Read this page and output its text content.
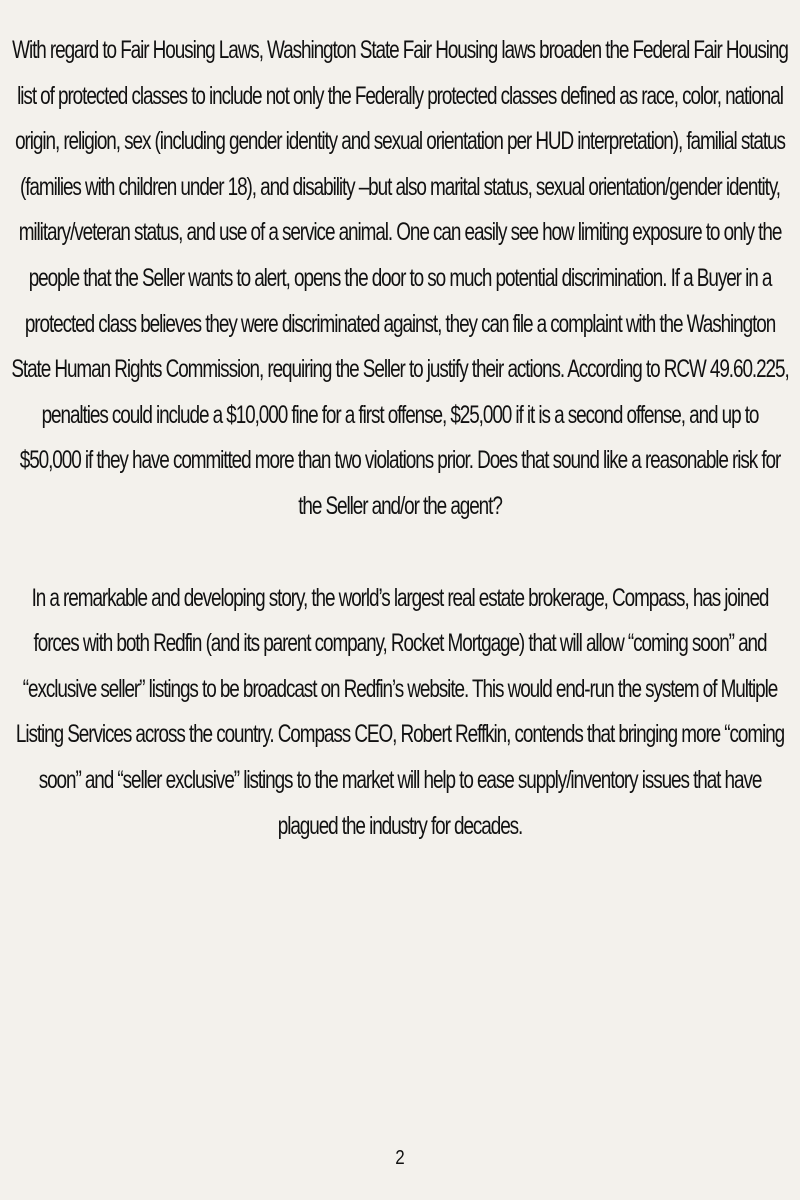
With regard to Fair Housing Laws, Washington State Fair Housing laws broaden the Federal Fair Housing list of protected classes to include not only the Federally protected classes defined as race, color, national origin, religion, sex (including gender identity and sexual orientation per HUD interpretation), familial status (families with children under 18), and disability –but also marital status, sexual orientation/gender identity, military/veteran status, and use of a service animal. One can easily see how limiting exposure to only the people that the Seller wants to alert, opens the door to so much potential discrimination. If a Buyer in a protected class believes they were discriminated against, they can file a complaint with the Washington State Human Rights Commission, requiring the Seller to justify their actions. According to RCW 49.60.225, penalties could include a $10,000 fine for a first offense, $25,000 if it is a second offense, and up to $50,000 if they have committed more than two violations prior. Does that sound like a reasonable risk for the Seller and/or the agent?

In a remarkable and developing story, the world’s largest real estate brokerage, Compass, has joined forces with both Redfin (and its parent company, Rocket Mortgage) that will allow “coming soon” and “exclusive seller” listings to be broadcast on Redfin’s website. This would end-run the system of Multiple Listing Services across the country. Compass CEO, Robert Reffkin, contends that bringing more “coming soon” and “seller exclusive” listings to the market will help to ease supply/inventory issues that have plagued the industry for decades.

2
